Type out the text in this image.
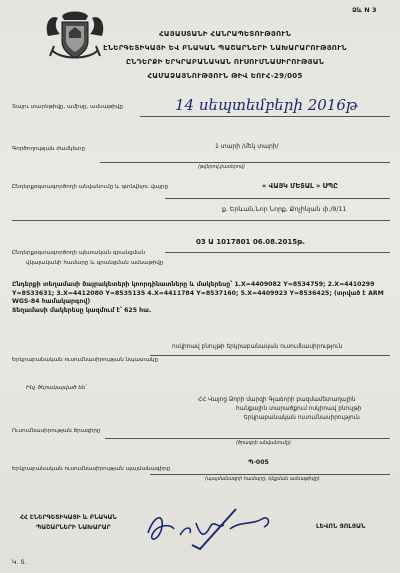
Ձև N 3
ՀԱՅԱՍՏԱՆԻ ՀԱՆՐԱՊԵՏՈՒԹՅՈՒՆ
ԷՆԵՐԳԵՏԻԿԱՅԻ ԵՎ ԲՆԱԿԱՆ ՊԱՇԱՐՆԵՐԻ ՆԱԽԱՐԱՐՈՒԹՅՈՒՆ
ԸՆԴԵՐՔԻ ԵՐԿՐԱԲԱՆԱԿԱՆ ՈՒՍՈՒՄՆԱՍԻՐՈՒԹՅԱՆ
ՀԱՄԱՁԱՅՆՈՒԹՅՈՒՆ ԹԻՎ ԵՈՒՀ-29/005
Տալու տարեթիվը, ամիսը, ամսաթիվը	14 սեպտեմբերի 2016թ
Գործողության ժամկետը	1 տարի /մեկ տարի/
(թվերով,բառերով)
Ընդերքօգտագործողի անվանումը և գտնվելու վայրը	« ՎԱՅԿ ՄԵՏԱԼ » ՍՊԸ
ք. Երևան,Նոր Նորք, Քոչինյան փ./9/11
Ընդերքօգտագործողի պետական գրանցման
վկայականի համարը և գրանցման ամսաթիվը
03 Ա 1017801 06.08.2015թ.
Ընդերքի տեղամասի ծայրակետերի կոորդինատները և մակերեսը՝ 1.X=4409082 Y=8534759; 2.X=4410299 Y=8533631; 3.X=4412080 Y=8535135 4.X=4411784 Y=8537160; 5.X=4409923 Y=8536425; (տրված է ARM WGS-84 համակարգով)
Տեղամասի մակերեսը կազմում է՝ 625 հա.
ոսկիոավ բնույթի երկրաբանական ուսումնասիրություն
Երկրաբանական ուսումնասիրության նպատակը
Ինչ ծերակայված են՝
ՀՀ Վայոց Ձորի մարզի Գլաձորի բազմամետաղային
հանքային տարածքում ոսկիոավ բնույթի
երկրաբանական ուսումնասիրություն
Ուսումնասիրության ծրագիրը
(ծրագրի անվանումը)
Պ-005
Երկրաբանական ուսումնասիրության պայմանագիրը
(պայմանագրի համարը, կնքման ամսաթիվը)
ՀՀ ԷՆԵՐԳԵՏԻԿԱՅԻ և ԲՆԱԿԱՆ
ՊԱՇԱՐՆԵՐԻ ՆԱԽԱՐԱՐ	ԼԵՎՈՆ ՅՈԼՅԱՆ
Կ. Տ.
